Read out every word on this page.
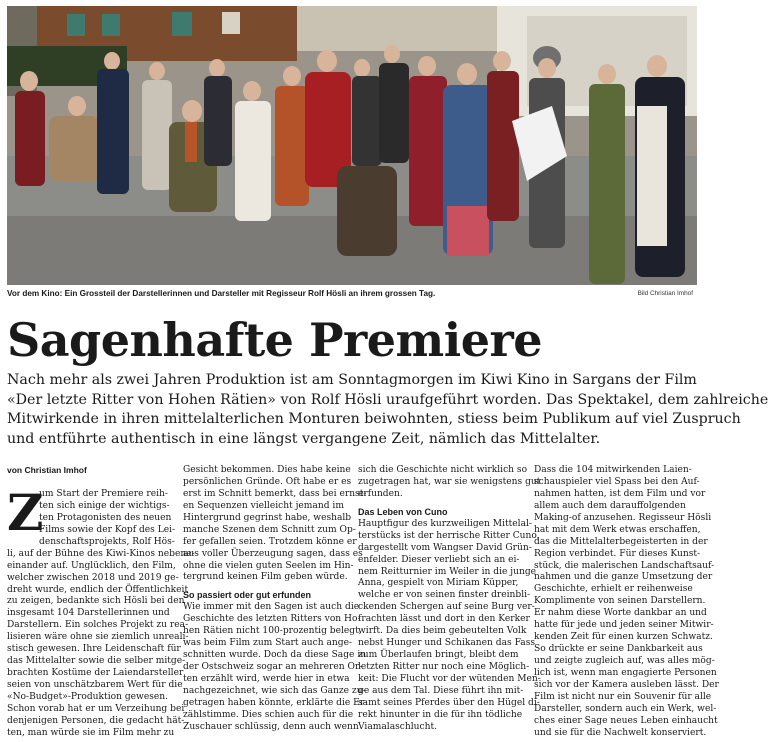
Vor dem Kino: Ein Grossteil der Darstellerinnen und Darsteller mit Regisseur Rolf Hösli an ihrem grossen Tag.	Bild Christian Imhof
Sagenhafte Premiere
Nach mehr als zwei Jahren Produktion ist am Sonntagmorgen im Kiwi Kino in Sargans der Film
«Der letzte Ritter von Hohen Rätien» von Rolf Hösli uraufgeführt worden. Das Spektakel, dem zahlreiche
Mitwirkende in ihren mittelalterlichen Monturen beiwohnten, stiess beim Publikum auf viel Zuspruch
und entführte authentisch in eine längst vergangene Zeit, nämlich das Mittelalter.
von Christian Imhof
Z
um Start der Premiere reih-
ten sich einige der wichtigs-
ten Protagonisten des neuen
Films sowie der Kopf des Lei-
denschaftsprojekts, Rolf Hös-
li, auf der Bühne des Kiwi-Kinos nebene-
einander auf. Unglücklich, den Film,
welcher zwischen 2018 und 2019 ge-
dreht wurde, endlich der Öffentlichkeit
zu zeigen, bedankte sich Hösli bei den
insgesamt 104 Darstellerinnen und
Darstellern. Ein solches Projekt zu rea-
lisieren wäre ohne sie ziemlich unreali-
stisch gewesen. Ihre Leidenschaft für
das Mittelalter sowie die selber mitge-
brachten Kostüme der Laiendarsteller
seien von unschätzbarem Wert für die
«No-Budget»-Produktion gewesen.
Schon vorab hat er um Verzeihung bei
denjenigen Personen, die gedacht hät-
ten, man würde sie im Film mehr zu
Gesicht bekommen. Dies habe keine
persönlichen Gründe. Oft habe er es
erst im Schnitt bemerkt, dass bei ernst-
en Sequenzen vielleicht jemand im
Hintergrund gegrinst habe, weshalb
manche Szenen dem Schnitt zum Op-
fer gefallen seien. Trotzdem könne er
aus voller Überzeugung sagen, dass es
ohne die vielen guten Seelen im Hin-
tergrund keinen Film geben würde.
So passiert oder gut erfunden
Wie immer mit den Sagen ist auch die
Geschichte des letzten Ritters von Ho-
hen Rätien nicht 100-prozentig belegt,
was beim Film zum Start auch ange-
schnitten wurde. Doch da diese Sage in
der Ostschweiz sogar an mehreren Or-
ten erzählt wird, werde hier in etwa
nachgezeichnet, wie sich das Ganze zu-
getragen haben könnte, erklärte die Er-
zählstimme. Dies schien auch für die
Zuschauer schlüssig, denn auch wenn
sich die Geschichte nicht wirklich so
zugetragen hat, war sie wenigstens gut
erfunden.
Das Leben von Cuno
Hauptfigur des kurzweiligen Mittelal-
terstücks ist der herrische Ritter Cuno,
dargestellt vom Wangser David Grün-
enfelder. Dieser verliebt sich an ei-
nem Reitturnier im Weiler in die junge
Anna, gespielt von Miriam Küpper,
welche er von seinen finster dreinbli-
ckenden Schergen auf seine Burg ver-
frachten lässt und dort in den Kerker
wirft. Da dies beim gebeutelten Volk
nebst Hunger und Schikanen das Fass
zum Überlaufen bringt, bleibt dem
letzten Ritter nur noch eine Möglich-
keit: Die Flucht vor der wütenden Men-
ge aus dem Tal. Diese führt ihn mit-
samt seines Pferdes über den Hügel di-
rekt hinunter in die für ihn tödliche
Viamalaschlucht.
Dass die 104 mitwirkenden Laien-
schauspieler viel Spass bei den Auf-
nahmen hatten, ist dem Film und vor
allem auch dem darauffolgenden
Making-of anzusehen. Regisseur Hösli
hat mit dem Werk etwas erschaffen,
das die Mittelalterbegeisterten in der
Region verbindet. Für dieses Kunst-
stück, die malerischen Landschaftsauf-
nahmen und die ganze Umsetzung der
Geschichte, erhielt er reihenweise
Komplimente von seinen Darstellern.
Er nahm diese Worte dankbar an und
hatte für jede und jeden seiner Mitwir-
kenden Zeit für einen kurzen Schwatz.
So drückte er seine Dankbarkeit aus
und zeigte zugleich auf, was alles mög-
lich ist, wenn man engagierte Personen
sich vor der Kamera ausleben lässt. Der
Film ist nicht nur ein Souvenir für alle
Darsteller, sondern auch ein Werk, wel-
ches einer Sage neues Leben einhaucht
und sie für die Nachwelt konserviert.
